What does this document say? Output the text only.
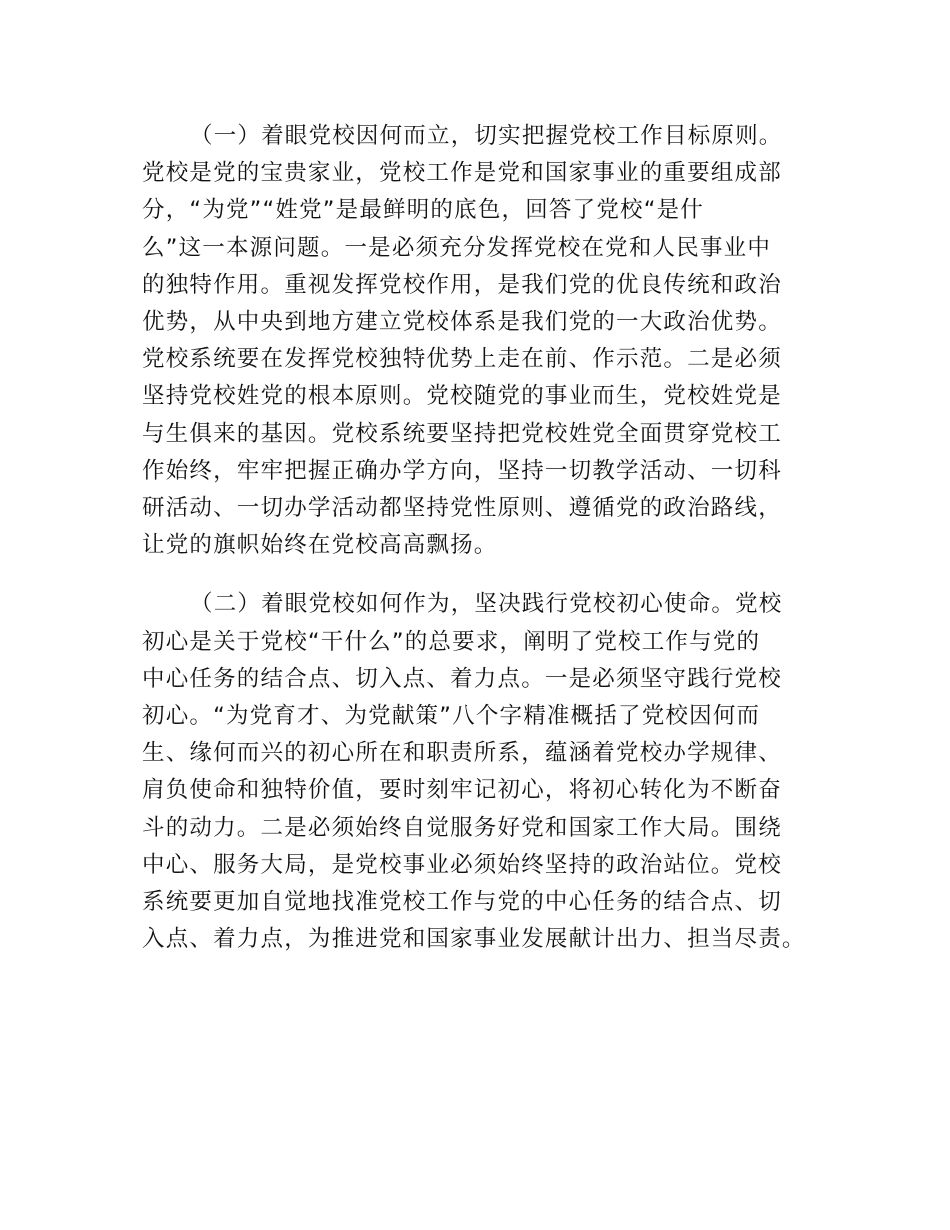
（一）着眼党校因何而立，切实把握党校工作目标原则。
党校是党的宝贵家业，党校工作是党和国家事业的重要组成部
分，“为党”“姓党”是最鲜明的底色，回答了党校“是什
么”这一本源问题。一是必须充分发挥党校在党和人民事业中
的独特作用。重视发挥党校作用，是我们党的优良传统和政治
优势，从中央到地方建立党校体系是我们党的一大政治优势。
党校系统要在发挥党校独特优势上走在前、作示范。二是必须
坚持党校姓党的根本原则。党校随党的事业而生，党校姓党是
与生俱来的基因。党校系统要坚持把党校姓党全面贯穿党校工
作始终，牢牢把握正确办学方向，坚持一切教学活动、一切科
研活动、一切办学活动都坚持党性原则、遵循党的政治路线，
让党的旗帜始终在党校高高飘扬。
（二）着眼党校如何作为，坚决践行党校初心使命。党校
初心是关于党校“干什么”的总要求，阐明了党校工作与党的
中心任务的结合点、切入点、着力点。一是必须坚守践行党校
初心。“为党育才、为党献策”八个字精准概括了党校因何而
生、缘何而兴的初心所在和职责所系，蕴涵着党校办学规律、
肩负使命和独特价值，要时刻牢记初心，将初心转化为不断奋
斗的动力。二是必须始终自觉服务好党和国家工作大局。围绕
中心、服务大局，是党校事业必须始终坚持的政治站位。党校
系统要更加自觉地找准党校工作与党的中心任务的结合点、切
入点、着力点，为推进党和国家事业发展献计出力、担当尽责。
